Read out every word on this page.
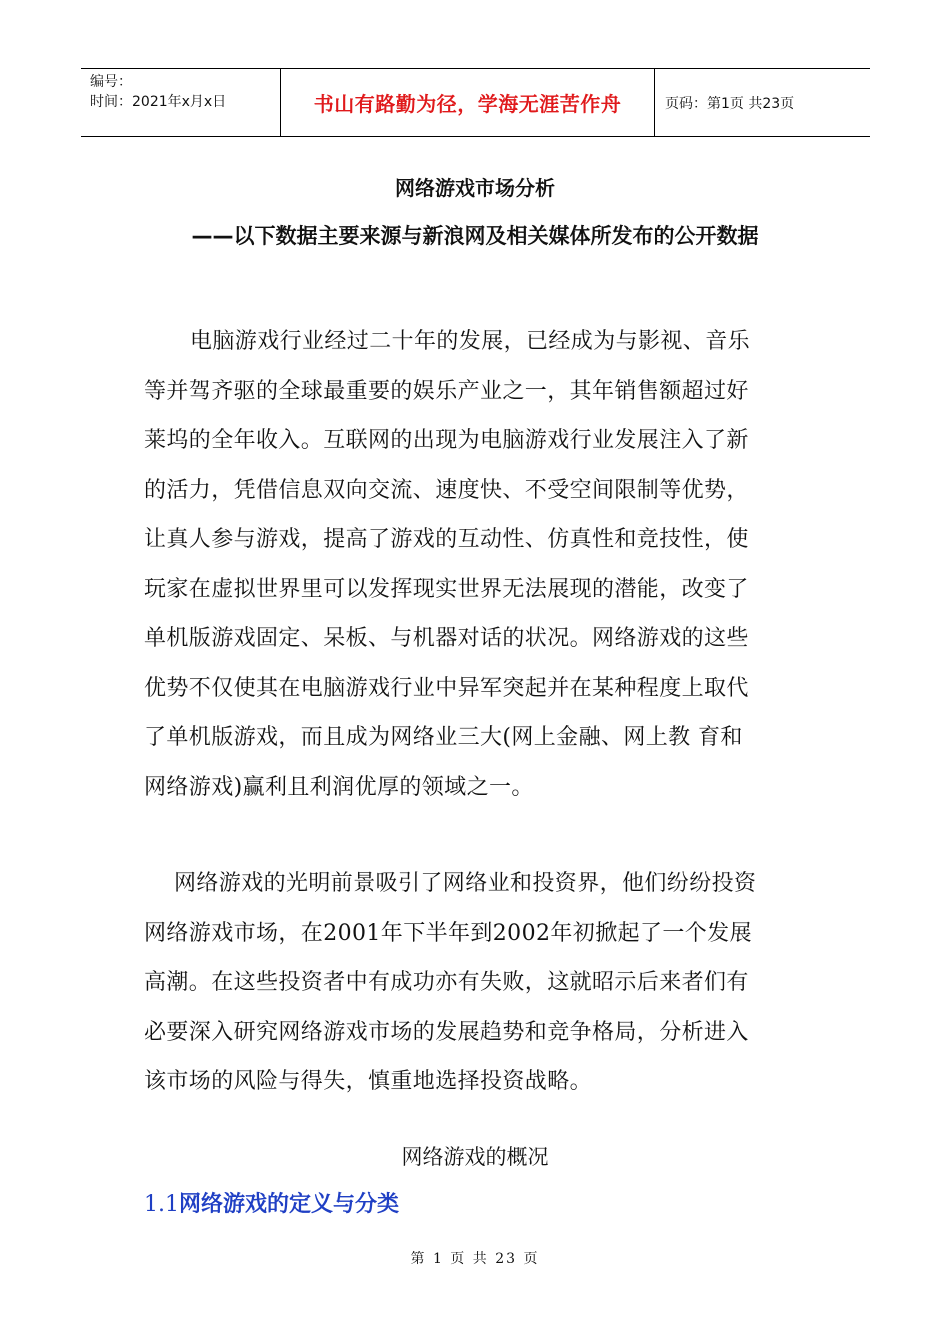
编号：
时间：2021年x月x日	书山有路勤为径，学海无涯苦作舟	页码：第1页 共23页
网络游戏市场分析
——以下数据主要来源与新浪网及相关媒体所发布的公开数据
电脑游戏行业经过二十年的发展，已经成为与影视、音乐
等并驾齐驱的全球最重要的娱乐产业之一，其年销售额超过好
莱坞的全年收入。互联网的出现为电脑游戏行业发展注入了新
的活力，凭借信息双向交流、速度快、不受空间限制等优势，
让真人参与游戏，提高了游戏的互动性、仿真性和竞技性，使
玩家在虚拟世界里可以发挥现实世界无法展现的潜能，改变了
单机版游戏固定、呆板、与机器对话的状况。网络游戏的这些
优势不仅使其在电脑游戏行业中异军突起并在某种程度上取代
了单机版游戏，而且成为网络业三大(网上金融、网上教 育和
网络游戏)赢利且利润优厚的领域之一。
网络游戏的光明前景吸引了网络业和投资界，他们纷纷投资
网络游戏市场，在2001年下半年到2002年初掀起了一个发展
高潮。在这些投资者中有成功亦有失败，这就昭示后来者们有
必要深入研究网络游戏市场的发展趋势和竞争格局，分析进入
该市场的风险与得失，慎重地选择投资战略。
网络游戏的概况
1.1网络游戏的定义与分类
第 1 页 共 23 页
